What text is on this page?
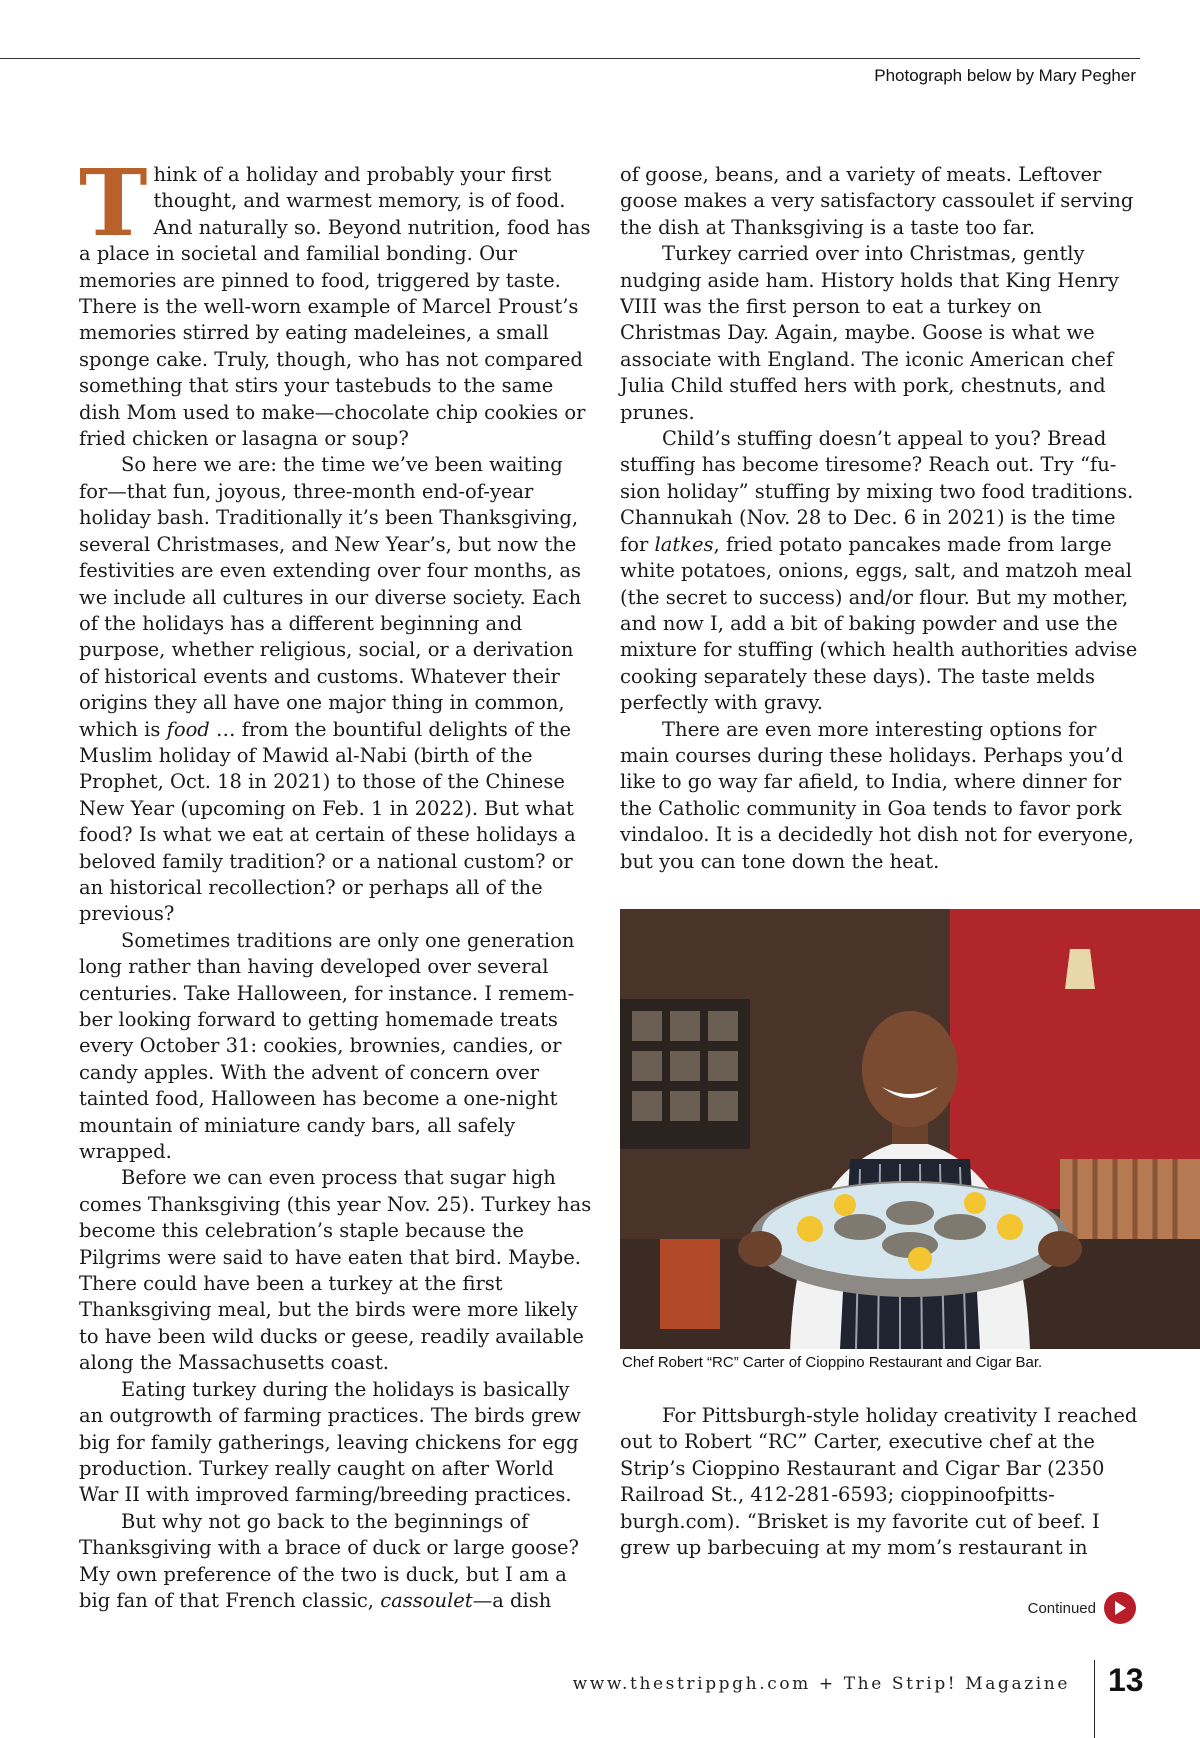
Photograph below by Mary Pegher

Think of a holiday and probably your first thought, and warmest memory, is of food. And naturally so. Beyond nutrition, food has a place in societal and familial bonding. Our memories are pinned to food, triggered by taste. There is the well-worn example of Marcel Proust’s memories stirred by eating madeleines, a small sponge cake. Truly, though, who has not compared something that stirs your tastebuds to the same dish Mom used to make—chocolate chip cookies or fried chicken or lasagna or soup?

So here we are: the time we’ve been waiting for—that fun, joyous, three-month end-of-year holiday bash. Traditionally it’s been Thanksgiving, several Christmases, and New Year’s, but now the festivities are even extending over four months, as we include all cultures in our diverse society. Each of the holidays has a different beginning and purpose, whether religious, social, or a derivation of historical events and customs. Whatever their origins they all have one major thing in common, which is food … from the bountiful delights of the Muslim holiday of Mawid al-Nabi (birth of the Prophet, Oct. 18 in 2021) to those of the Chinese New Year (upcoming on Feb. 1 in 2022). But what food? Is what we eat at certain of these holidays a beloved family tradition? or a national custom? or an historical recollection? or perhaps all of the previous?

Sometimes traditions are only one generation long rather than having developed over several centuries. Take Halloween, for instance. I remember looking forward to getting homemade treats every October 31: cookies, brownies, candies, or candy apples. With the advent of concern over tainted food, Halloween has become a one-night mountain of miniature candy bars, all safely wrapped.

Before we can even process that sugar high comes Thanksgiving (this year Nov. 25). Turkey has become this celebration’s staple because the Pilgrims were said to have eaten that bird. Maybe. There could have been a turkey at the first Thanksgiving meal, but the birds were more likely to have been wild ducks or geese, readily available along the Massachusetts coast.

Eating turkey during the holidays is basically an outgrowth of farming practices. The birds grew big for family gatherings, leaving chickens for egg production. Turkey really caught on after World War II with improved farming/breeding practices.

But why not go back to the beginnings of Thanksgiving with a brace of duck or large goose? My own preference of the two is duck, but I am a big fan of that French classic, cassoulet—a dish

of goose, beans, and a variety of meats. Leftover goose makes a very satisfactory cassoulet if serving the dish at Thanksgiving is a taste too far.

Turkey carried over into Christmas, gently nudging aside ham. History holds that King Henry VIII was the first person to eat a turkey on Christmas Day. Again, maybe. Goose is what we associate with England. The iconic American chef Julia Child stuffed hers with pork, chestnuts, and prunes.

Child’s stuffing doesn’t appeal to you? Bread stuffing has become tiresome? Reach out. Try “fusion holiday” stuffing by mixing two food traditions. Channukah (Nov. 28 to Dec. 6 in 2021) is the time for latkes, fried potato pancakes made from large white potatoes, onions, eggs, salt, and matzoh meal (the secret to success) and/or flour. But my mother, and now I, add a bit of baking powder and use the mixture for stuffing (which health authorities advise cooking separately these days). The taste melds perfectly with gravy.

There are even more interesting options for main courses during these holidays. Perhaps you’d like to go way far afield, to India, where dinner for the Catholic community in Goa tends to favor pork vindaloo. It is a decidedly hot dish not for everyone, but you can tone down the heat.

Chef Robert “RC” Carter of Cioppino Restaurant and Cigar Bar.

For Pittsburgh-style holiday creativity I reached out to Robert “RC” Carter, executive chef at the Strip’s Cioppino Restaurant and Cigar Bar (2350 Railroad St., 412-281-6593; cioppinoofpittsburgh.com). “Brisket is my favorite cut of beef. I grew up barbecuing at my mom’s restaurant in

Continued
www.thestrippgh.com + The Strip! Magazine 13
